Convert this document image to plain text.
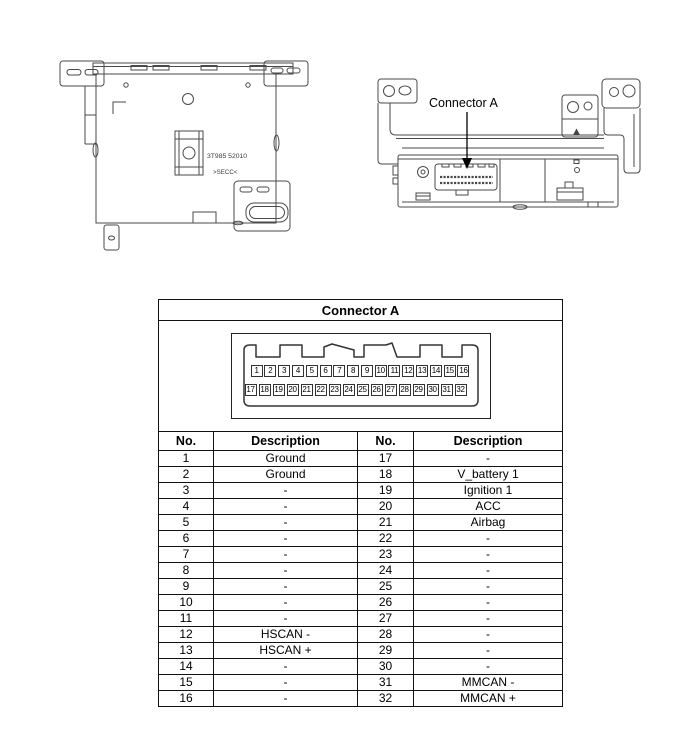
3T985 52010
>SECC<
Connector A
Connector A			

1	2	3	4	5	6	7	8	9 10 11 12 13 14 15 16
17 18 19 20 21 22 23 24 25 26 27 28 29 30 31 32

No.	Description	No.	Description
1	Ground	17	-
2	Ground	18	V_battery 1
3	-	19	Ignition 1
4	-	20	ACC
5	-	21	Airbag
6	-	22	-
7	-	23	-
8	-	24	-
9	-	25	-
10	-	26	-
11	-	27	-
12	HSCAN -	28	-
13	HSCAN +	29	-
14	-	30	-
15	-	31	MMCAN -
16	-	32	MMCAN +
